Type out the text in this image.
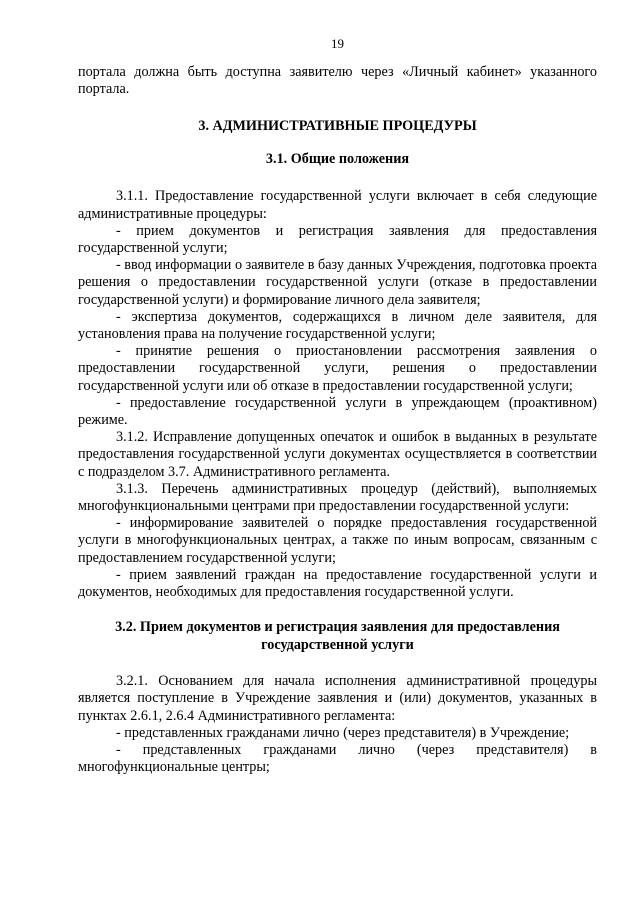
19

портала должна быть доступна заявителю через «Личный кабинет» указанного портала.

3. АДМИНИСТРАТИВНЫЕ ПРОЦЕДУРЫ
3.1. Общие положения

3.1.1. Предоставление государственной услуги включает в себя следующие административные процедуры:

- прием документов и регистрация заявления для предоставления государственной услуги;

- ввод информации о заявителе в базу данных Учреждения, подготовка проекта решения о предоставлении государственной услуги (отказе в предоставлении государственной услуги) и формирование личного дела заявителя;

- экспертиза документов, содержащихся в личном деле заявителя, для установления права на получение государственной услуги;

- принятие решения о приостановлении рассмотрения заявления о предоставлении государственной услуги, решения о предоставлении государственной услуги или об отказе в предоставлении государственной услуги;

- предоставление государственной услуги в упреждающем (проактивном) режиме.

3.1.2. Исправление допущенных опечаток и ошибок в выданных в результате предоставления государственной услуги документах осуществляется в соответствии с подразделом 3.7. Административного регламента.

3.1.3. Перечень административных процедур (действий), выполняемых многофункциональными центрами при предоставлении государственной услуги:

- информирование заявителей о порядке предоставления государственной услуги в многофункциональных центрах, а также по иным вопросам, связанным с предоставлением государственной услуги;

- прием заявлений граждан на предоставление государственной услуги и документов, необходимых для предоставления государственной услуги.

3.2. Прием документов и регистрация заявления для предоставления
государственной услуги

3.2.1. Основанием для начала исполнения административной процедуры является поступление в Учреждение заявления и (или) документов, указанных в пунктах 2.6.1, 2.6.4 Административного регламента:

- представленных гражданами лично (через представителя) в Учреждение;

- представленных гражданами лично (через представителя) в многофункциональные центры;
